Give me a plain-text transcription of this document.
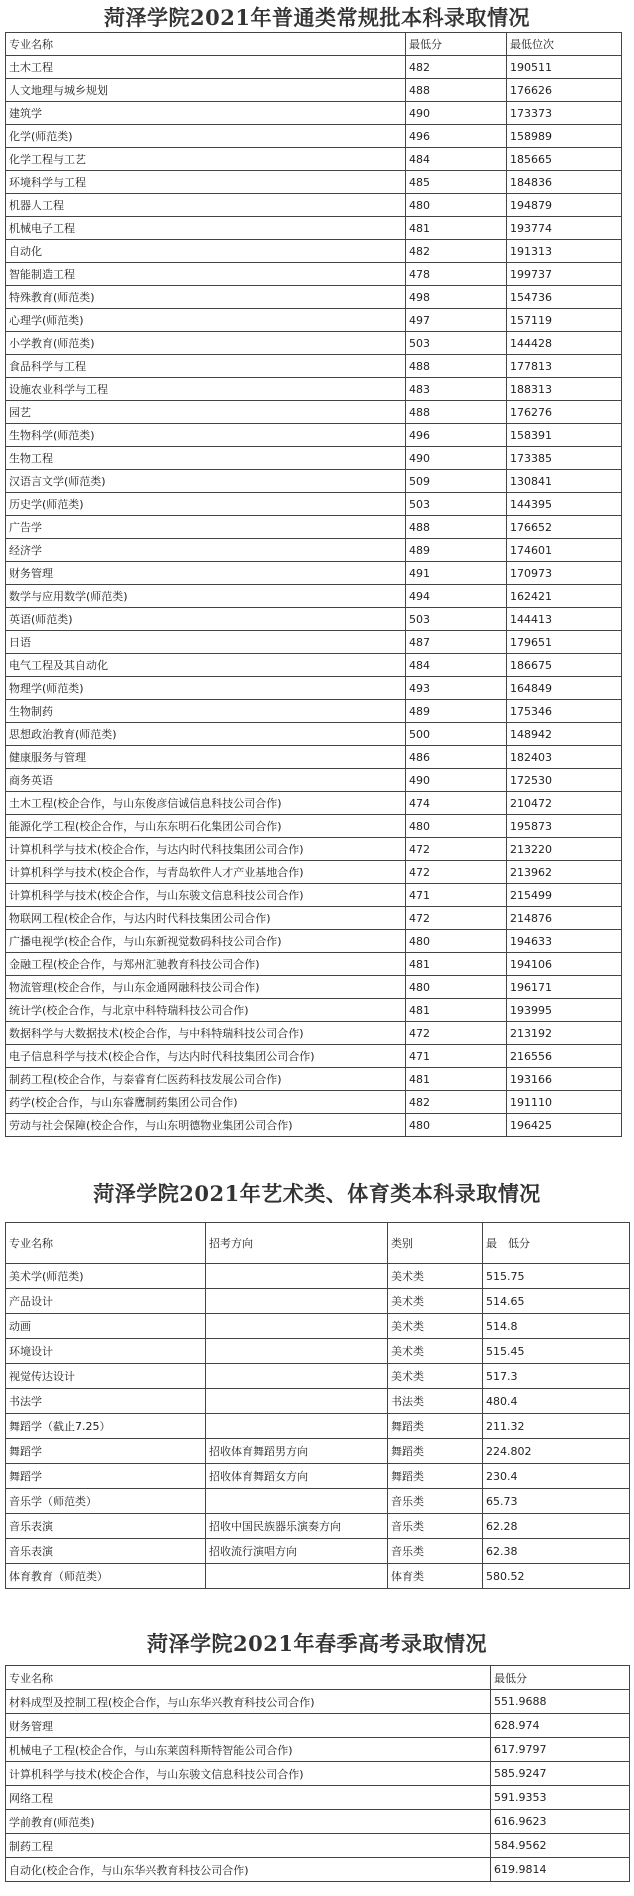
菏泽学院2021年普通类常规批本科录取情况
专业名称	最低分	最低位次
土木工程	482	190511
人文地理与城乡规划	488	176626
建筑学	490	173373
化学(师范类)	496	158989
化学工程与工艺	484	185665
环境科学与工程	485	184836
机器人工程	480	194879
机械电子工程	481	193774
自动化	482	191313
智能制造工程	478	199737
特殊教育(师范类)	498	154736
心理学(师范类)	497	157119
小学教育(师范类)	503	144428
食品科学与工程	488	177813
设施农业科学与工程	483	188313
园艺	488	176276
生物科学(师范类)	496	158391
生物工程	490	173385
汉语言文学(师范类)	509	130841
历史学(师范类)	503	144395
广告学	488	176652
经济学	489	174601
财务管理	491	170973
数学与应用数学(师范类)	494	162421
英语(师范类)	503	144413
日语	487	179651
电气工程及其自动化	484	186675
物理学(师范类)	493	164849
生物制药	489	175346
思想政治教育(师范类)	500	148942
健康服务与管理	486	182403
商务英语	490	172530
土木工程(校企合作，与山东俊彦信诚信息科技公司合作)	474	210472
能源化学工程(校企合作，与山东东明石化集团公司合作)	480	195873
计算机科学与技术(校企合作，与达内时代科技集团公司合作)	472	213220
计算机科学与技术(校企合作，与青岛软件人才产业基地合作)	472	213962
计算机科学与技术(校企合作，与山东骏文信息科技公司合作)	471	215499
物联网工程(校企合作，与达内时代科技集团公司合作)	472	214876
广播电视学(校企合作，与山东新视觉数码科技公司合作)	480	194633
金融工程(校企合作，与郑州汇驰教育科技公司合作)	481	194106
物流管理(校企合作，与山东金通网融科技公司合作)	480	196171
统计学(校企合作，与北京中科特瑞科技公司合作)	481	193995
数据科学与大数据技术(校企合作，与中科特瑞科技公司合作)	472	213192
电子信息科学与技术(校企合作，与达内时代科技集团公司合作)	471	216556
制药工程(校企合作，与泰睿育仁医药科技发展公司合作)	481	193166
药学(校企合作，与山东睿鹰制药集团公司合作)	482	191110
劳动与社会保障(校企合作，与山东明德物业集团公司合作)	480	196425
菏泽学院2021年艺术类、体育类本科录取情况
专业名称	招考方向	类别	最　低分
美术学(师范类)		美术类	515.75
产品设计		美术类	514.65
动画		美术类	514.8
环境设计		美术类	515.45
视觉传达设计		美术类	517.3
书法学		书法类	480.4
舞蹈学（截止7.25）		舞蹈类	211.32
舞蹈学	招收体育舞蹈男方向	舞蹈类	224.802
舞蹈学	招收体育舞蹈女方向	舞蹈类	230.4
音乐学（师范类）		音乐类	65.73
音乐表演	招收中国民族器乐演奏方向	音乐类	62.28
音乐表演	招收流行演唱方向	音乐类	62.38
体育教育（师范类）		体育类	580.52
菏泽学院2021年春季高考录取情况
专业名称	最低分
材料成型及控制工程(校企合作，与山东华兴教育科技公司合作)	551.9688
财务管理	628.974
机械电子工程(校企合作，与山东莱茵科斯特智能公司合作)	617.9797
计算机科学与技术(校企合作，与山东骏文信息科技公司合作)	585.9247
网络工程	591.9353
学前教育(师范类)	616.9623
制药工程	584.9562
自动化(校企合作，与山东华兴教育科技公司合作)	619.9814
